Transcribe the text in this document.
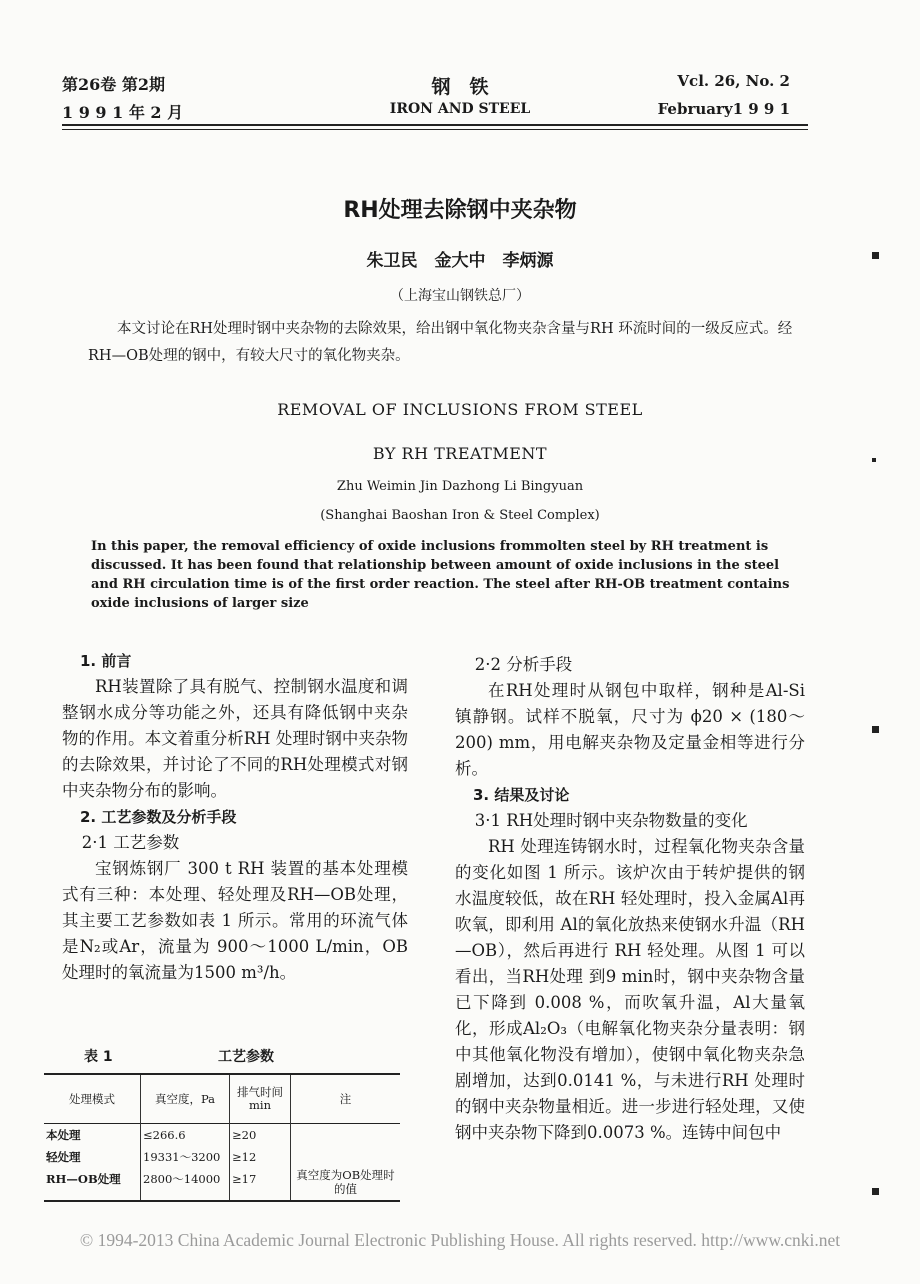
第26卷 第2期
1 9 9 1 年 2 月
钢　铁
IRON AND STEEL
Vcl. 26, No. 2
February1 9 9 1
RH处理去除钢中夹杂物
朱卫民　金大中　李炳源
（上海宝山钢铁总厂）
本文讨论在RH处理时钢中夹杂物的去除效果，给出钢中氧化物夹杂含量与RH 环流时间的一级反应式。经RH—OB处理的钢中，有较大尺寸的氧化物夹杂。
REMOVAL OF INCLUSIONS FROM STEEL
BY RH TREATMENT
Zhu Weimin Jin Dazhong Li Bingyuan
(Shanghai Baoshan Iron & Steel Complex)
In this paper, the removal efficiency of oxide inclusions frommolten steel by RH treatment is discussed. It has been found that relationship between amount of oxide inclusions in the steel and RH circulation time is of the first order reaction. The steel after RH-OB treatment contains oxide inclusions of larger size
1. 前言

RH装置除了具有脱气、控制钢水温度和调整钢水成分等功能之外，还具有降低钢中夹杂物的作用。本文着重分析RH 处理时钢中夹杂物的去除效果，并讨论了不同的RH处理模式对钢中夹杂物分布的影响。

2. 工艺参数及分析手段
2·1 工艺参数

宝钢炼钢厂 300 t RH 装置的基本处理模式有三种：本处理、轻处理及RH—OB处理，其主要工艺参数如表 1 所示。常用的环流气体是N₂或Ar，流量为 900～1000 L/min，OB处理时的氧流量为1500 m³/h。

表 1	工艺参数
处理模式	真空度，Pa	排气时间 min	注
本处理	≤266.6	≥20	
轻处理	19331～3200	≥12	
RH—OB处理	2800～14000	≥17	真空度为OB处理时的值
2·2 分析手段

在RH处理时从钢包中取样，钢种是Al-Si 镇静钢。试样不脱氧，尺寸为 ϕ20 × (180～200) mm，用电解夹杂物及定量金相等进行分析。

3. 结果及讨论
3·1 RH处理时钢中夹杂物数量的变化

RH 处理连铸钢水时，过程氧化物夹杂含量的变化如图 1 所示。该炉次由于转炉提供的钢水温度较低，故在RH 轻处理时，投入金属Al再吹氧，即利用 Al的氧化放热来使钢水升温（RH—OB），然后再进行 RH 轻处理。从图 1 可以看出，当RH处理 到9 min时，钢中夹杂物含量已下降到 0.008 %，而吹氧升温，Al大量氧化，形成Al₂O₃（电解氧化物夹杂分量表明：钢中其他氧化物没有增加），使钢中氧化物夹杂急剧增加，达到0.0141 %，与未进行RH 处理时的钢中夹杂物量相近。进一步进行轻处理，又使钢中夹杂物下降到0.0073 %。连铸中间包中

© 1994-2013 China Academic Journal Electronic Publishing House. All rights reserved. http://www.cnki.net
